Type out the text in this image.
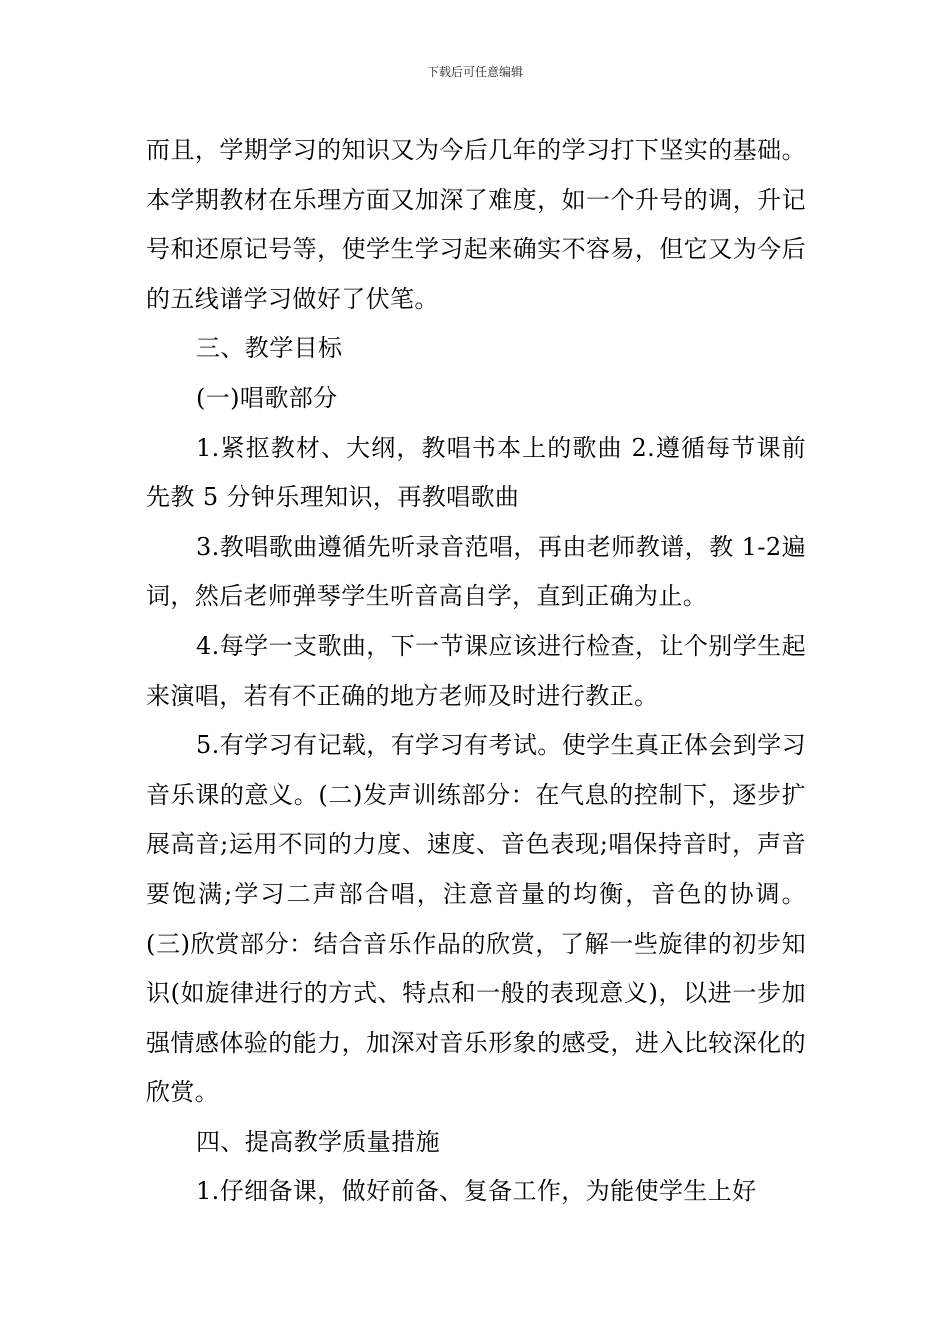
下载后可任意编辑

而且，学期学习的知识又为今后几年的学习打下坚实的基础。本学期教材在乐理方面又加深了难度，如一个升号的调，升记号和还原记号等，使学生学习起来确实不容易，但它又为今后的五线谱学习做好了伏笔。

三、教学目标

(一)唱歌部分

1.紧抠教材、大纲，教唱书本上的歌曲 2.遵循每节课前先教 5 分钟乐理知识，再教唱歌曲

3.教唱歌曲遵循先听录音范唱，再由老师教谱，教 1-2遍词，然后老师弹琴学生听音高自学，直到正确为止。

4.每学一支歌曲，下一节课应该进行检查，让个别学生起来演唱，若有不正确的地方老师及时进行教正。

5.有学习有记载，有学习有考试。使学生真正体会到学习音乐课的意义。(二)发声训练部分：在气息的控制下，逐步扩展高音;运用不同的力度、速度、音色表现;唱保持音时，声音要饱满;学习二声部合唱，注意音量的均衡，音色的协调。(三)欣赏部分：结合音乐作品的欣赏，了解一些旋律的初步知识(如旋律进行的方式、特点和一般的表现意义)，以进一步加强情感体验的能力，加深对音乐形象的感受，进入比较深化的欣赏。

四、提高教学质量措施

1.仔细备课，做好前备、复备工作，为能使学生上好
